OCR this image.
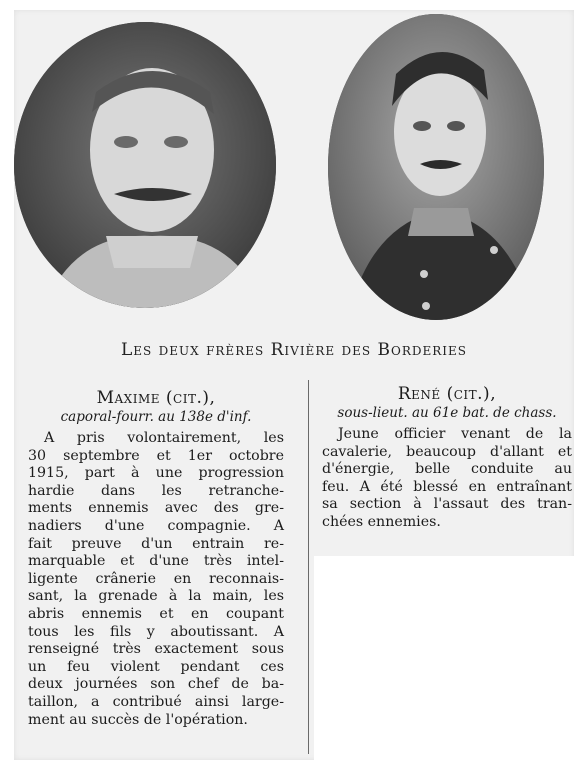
Les deux frères Rivière des Borderies
Maxime (cit.),
caporal-fourr. au 138e d'inf.
A pris volontairement, les
30 septembre et 1er octobre
1915, part à une progression
hardie dans les retranche-
ments ennemis avec des gre-
nadiers d'une compagnie. A
fait preuve d'un entrain re-
marquable et d'une très intel-
ligente crânerie en reconnais-
sant, la grenade à la main, les
abris ennemis et en coupant
tous les fils y aboutissant. A
renseigné très exactement sous
un feu violent pendant ces
deux journées son chef de ba-
taillon, a contribué ainsi large-
ment au succès de l'opération.
René (cit.),
sous-lieut. au 61e bat. de chass.
Jeune officier venant de la
cavalerie, beaucoup d'allant et
d'énergie, belle conduite au
feu. A été blessé en entraînant
sa section à l'assaut des tran-
chées ennemies.
